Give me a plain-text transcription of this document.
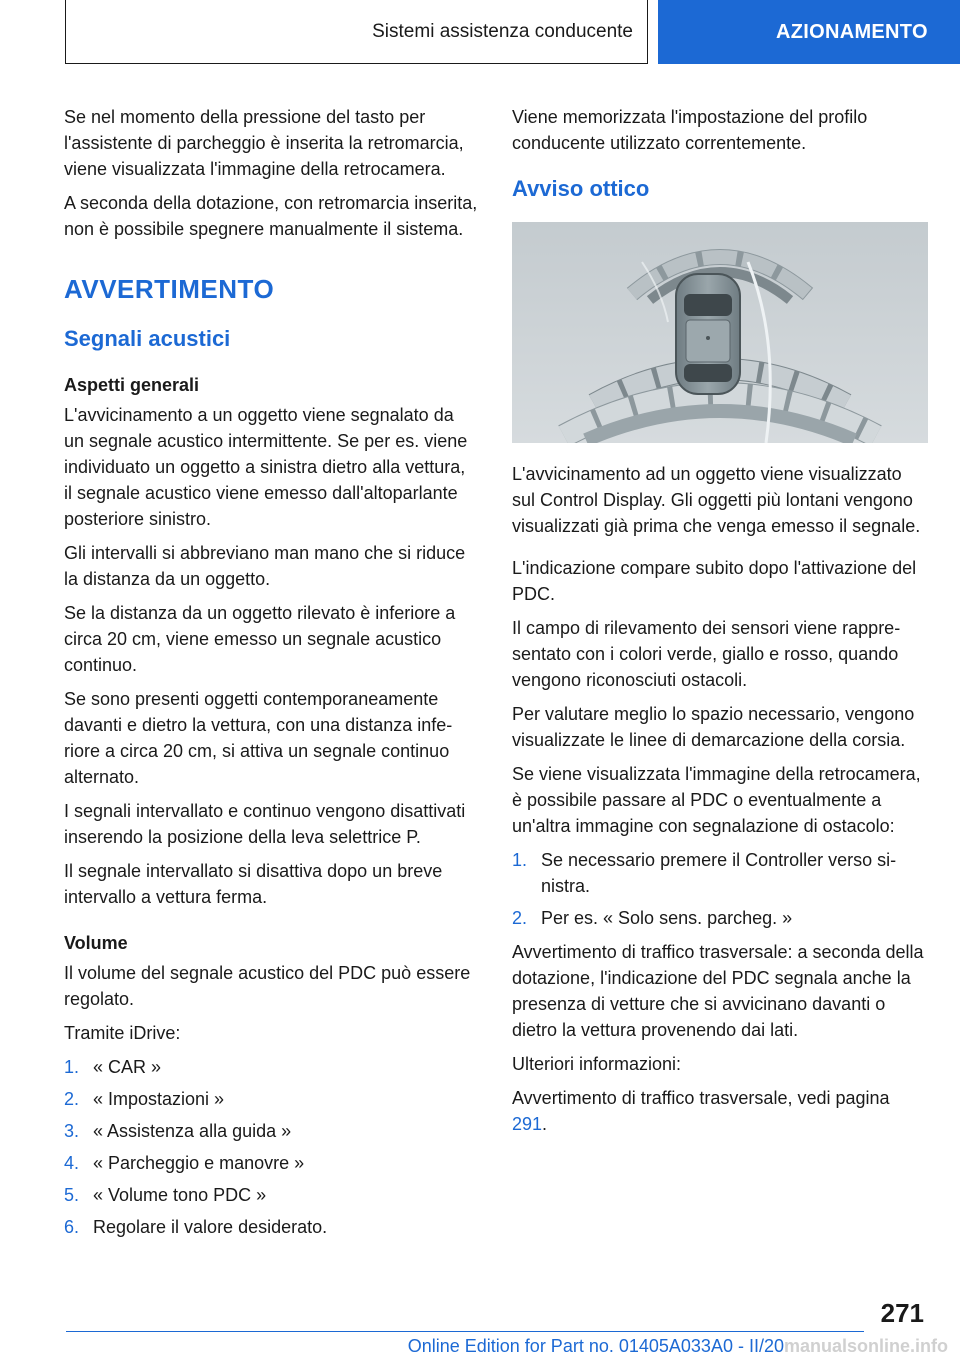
Sistemi assistenza conducente	AZIONAMENTO

Se nel momento della pressione del tasto per l'assistente di parcheggio è inserita la retromarcia, viene visualizzata l'immagine della retrocamera.

A seconda della dotazione, con retromarcia inserita, non è possibile spegnere manualmente il sistema.

AVVERTIMENTO
Segnali acustici
Aspetti generali

L'avvicinamento a un oggetto viene segnalato da un segnale acustico intermittente. Se per es. viene individuato un oggetto a sinistra dietro alla vettura, il segnale acustico viene emesso dall'altoparlante posteriore sinistro.

Gli intervalli si abbreviano man mano che si riduce la distanza da un oggetto.

Se la distanza da un oggetto rilevato è inferiore a circa 20 cm, viene emesso un segnale acustico continuo.

Se sono presenti oggetti contemporaneamente davanti e dietro la vettura, con una distanza inferiore a circa 20 cm, si attiva un segnale continuo alternato.

I segnali intervallato e continuo vengono disattivati inserendo la posizione della leva selettrice P.

Il segnale intervallato si disattiva dopo un breve intervallo a vettura ferma.

Volume

Il volume del segnale acustico del PDC può essere regolato.

Tramite iDrive:

1. « CAR »
2. « Impostazioni »
3. « Assistenza alla guida »
4. « Parcheggio e manovre »
5. « Volume tono PDC »
6. Regolare il valore desiderato.

Viene memorizzata l'impostazione del profilo conducente utilizzato correntemente.

Avviso ottico

L'avvicinamento ad un oggetto viene visualizzato sul Control Display. Gli oggetti più lontani vengono visualizzati già prima che venga emesso il segnale.

L'indicazione compare subito dopo l'attivazione del PDC.

Il campo di rilevamento dei sensori viene rappresentato con i colori verde, giallo e rosso, quando vengono riconosciuti ostacoli.

Per valutare meglio lo spazio necessario, vengono visualizzate le linee di demarcazione della corsia.

Se viene visualizzata l'immagine della retrocamera, è possibile passare al PDC o eventualmente a un'altra immagine con segnalazione di ostacolo:

1. Se necessario premere il Controller verso sinistra.
2. Per es. « Solo sens. parcheg. »

Avvertimento di traffico trasversale: a seconda della dotazione, l'indicazione del PDC segnala anche la presenza di vetture che si avvicinano davanti o dietro la vettura provenendo dai lati.

Ulteriori informazioni:

Avvertimento di traffico trasversale, vedi pagina 291.

271
Online Edition for Part no. 01405A033A0 - II/20manualsonline.info
